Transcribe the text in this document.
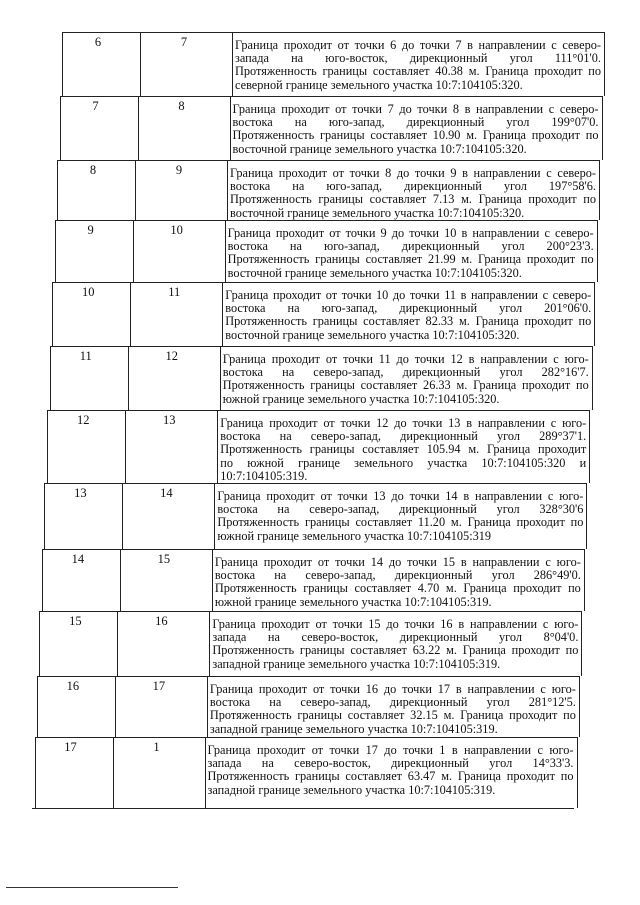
6	7	Граница проходит от точки 6 до точки 7 в направлении с северо-
запада на юго-восток, дирекционный угол 111°01'0.
Протяженность границы составляет 40.38 м. Граница проходит по
северной границе земельного участка 10:7:104105:320.
7	8	Граница проходит от точки 7 до точки 8 в направлении с северо-
востока на юго-запад, дирекционный угол 199°07'0.
Протяженность границы составляет 10.90 м. Граница проходит по
восточной границе земельного участка 10:7:104105:320.
8	9	Граница проходит от точки 8 до точки 9 в направлении с северо-
востока на юго-запад, дирекционный угол 197°58'6.
Протяженность границы составляет 7.13 м. Граница проходит по
восточной границе земельного участка 10:7:104105:320.
9	10	Граница проходит от точки 9 до точки 10 в направлении с северо-
востока на юго-запад, дирекционный угол 200°23'3.
Протяженность границы составляет 21.99 м. Граница проходит по
восточной границе земельного участка 10:7:104105:320.
10	11	Граница проходит от точки 10 до точки 11 в направлении с северо-
востока на юго-запад, дирекционный угол 201°06'0.
Протяженность границы составляет 82.33 м. Граница проходит по
восточной границе земельного участка 10:7:104105:320.
11	12	Граница проходит от точки 11 до точки 12 в направлении с юго-
востока на северо-запад, дирекционный угол 282°16'7.
Протяженность границы составляет 26.33 м. Граница проходит по
южной границе земельного участка 10:7:104105:320.
12	13	Граница проходит от точки 12 до точки 13 в направлении с юго-
востока на северо-запад, дирекционный угол 289°37'1.
Протяженность границы составляет 105.94 м. Граница проходит
по южной границе земельного участка 10:7:104105:320 и
10:7:104105:319.
13	14	Граница проходит от точки 13 до точки 14 в направлении с юго-
востока на северо-запад, дирекционный угол 328°30'6
Протяженность границы составляет 11.20 м. Граница проходит по
южной границе земельного участка 10:7:104105:319
14	15	Граница проходит от точки 14 до точки 15 в направлении с юго-
востока на северо-запад, дирекционный угол 286°49'0.
Протяженность границы составляет 4.70 м. Граница проходит по
южной границе земельного участка 10:7:104105:319.
15	16	Граница проходит от точки 15 до точки 16 в направлении с юго-
запада на северо-восток, дирекционный угол 8°04'0.
Протяженность границы составляет 63.22 м. Граница проходит по
западной границе земельного участка 10:7:104105:319.
16	17	Граница проходит от точки 16 до точки 17 в направлении с юго-
востока на северо-запад, дирекционный угол 281°12'5.
Протяженность границы составляет 32.15 м. Граница проходит по
западной границе земельного участка 10:7:104105:319.
17	1	Граница проходит от точки 17 до точки 1 в направлении с юго-
запада на северо-восток, дирекционный угол 14°33'3.
Протяженность границы составляет 63.47 м. Граница проходит по
западной границе земельного участка 10:7:104105:319.
